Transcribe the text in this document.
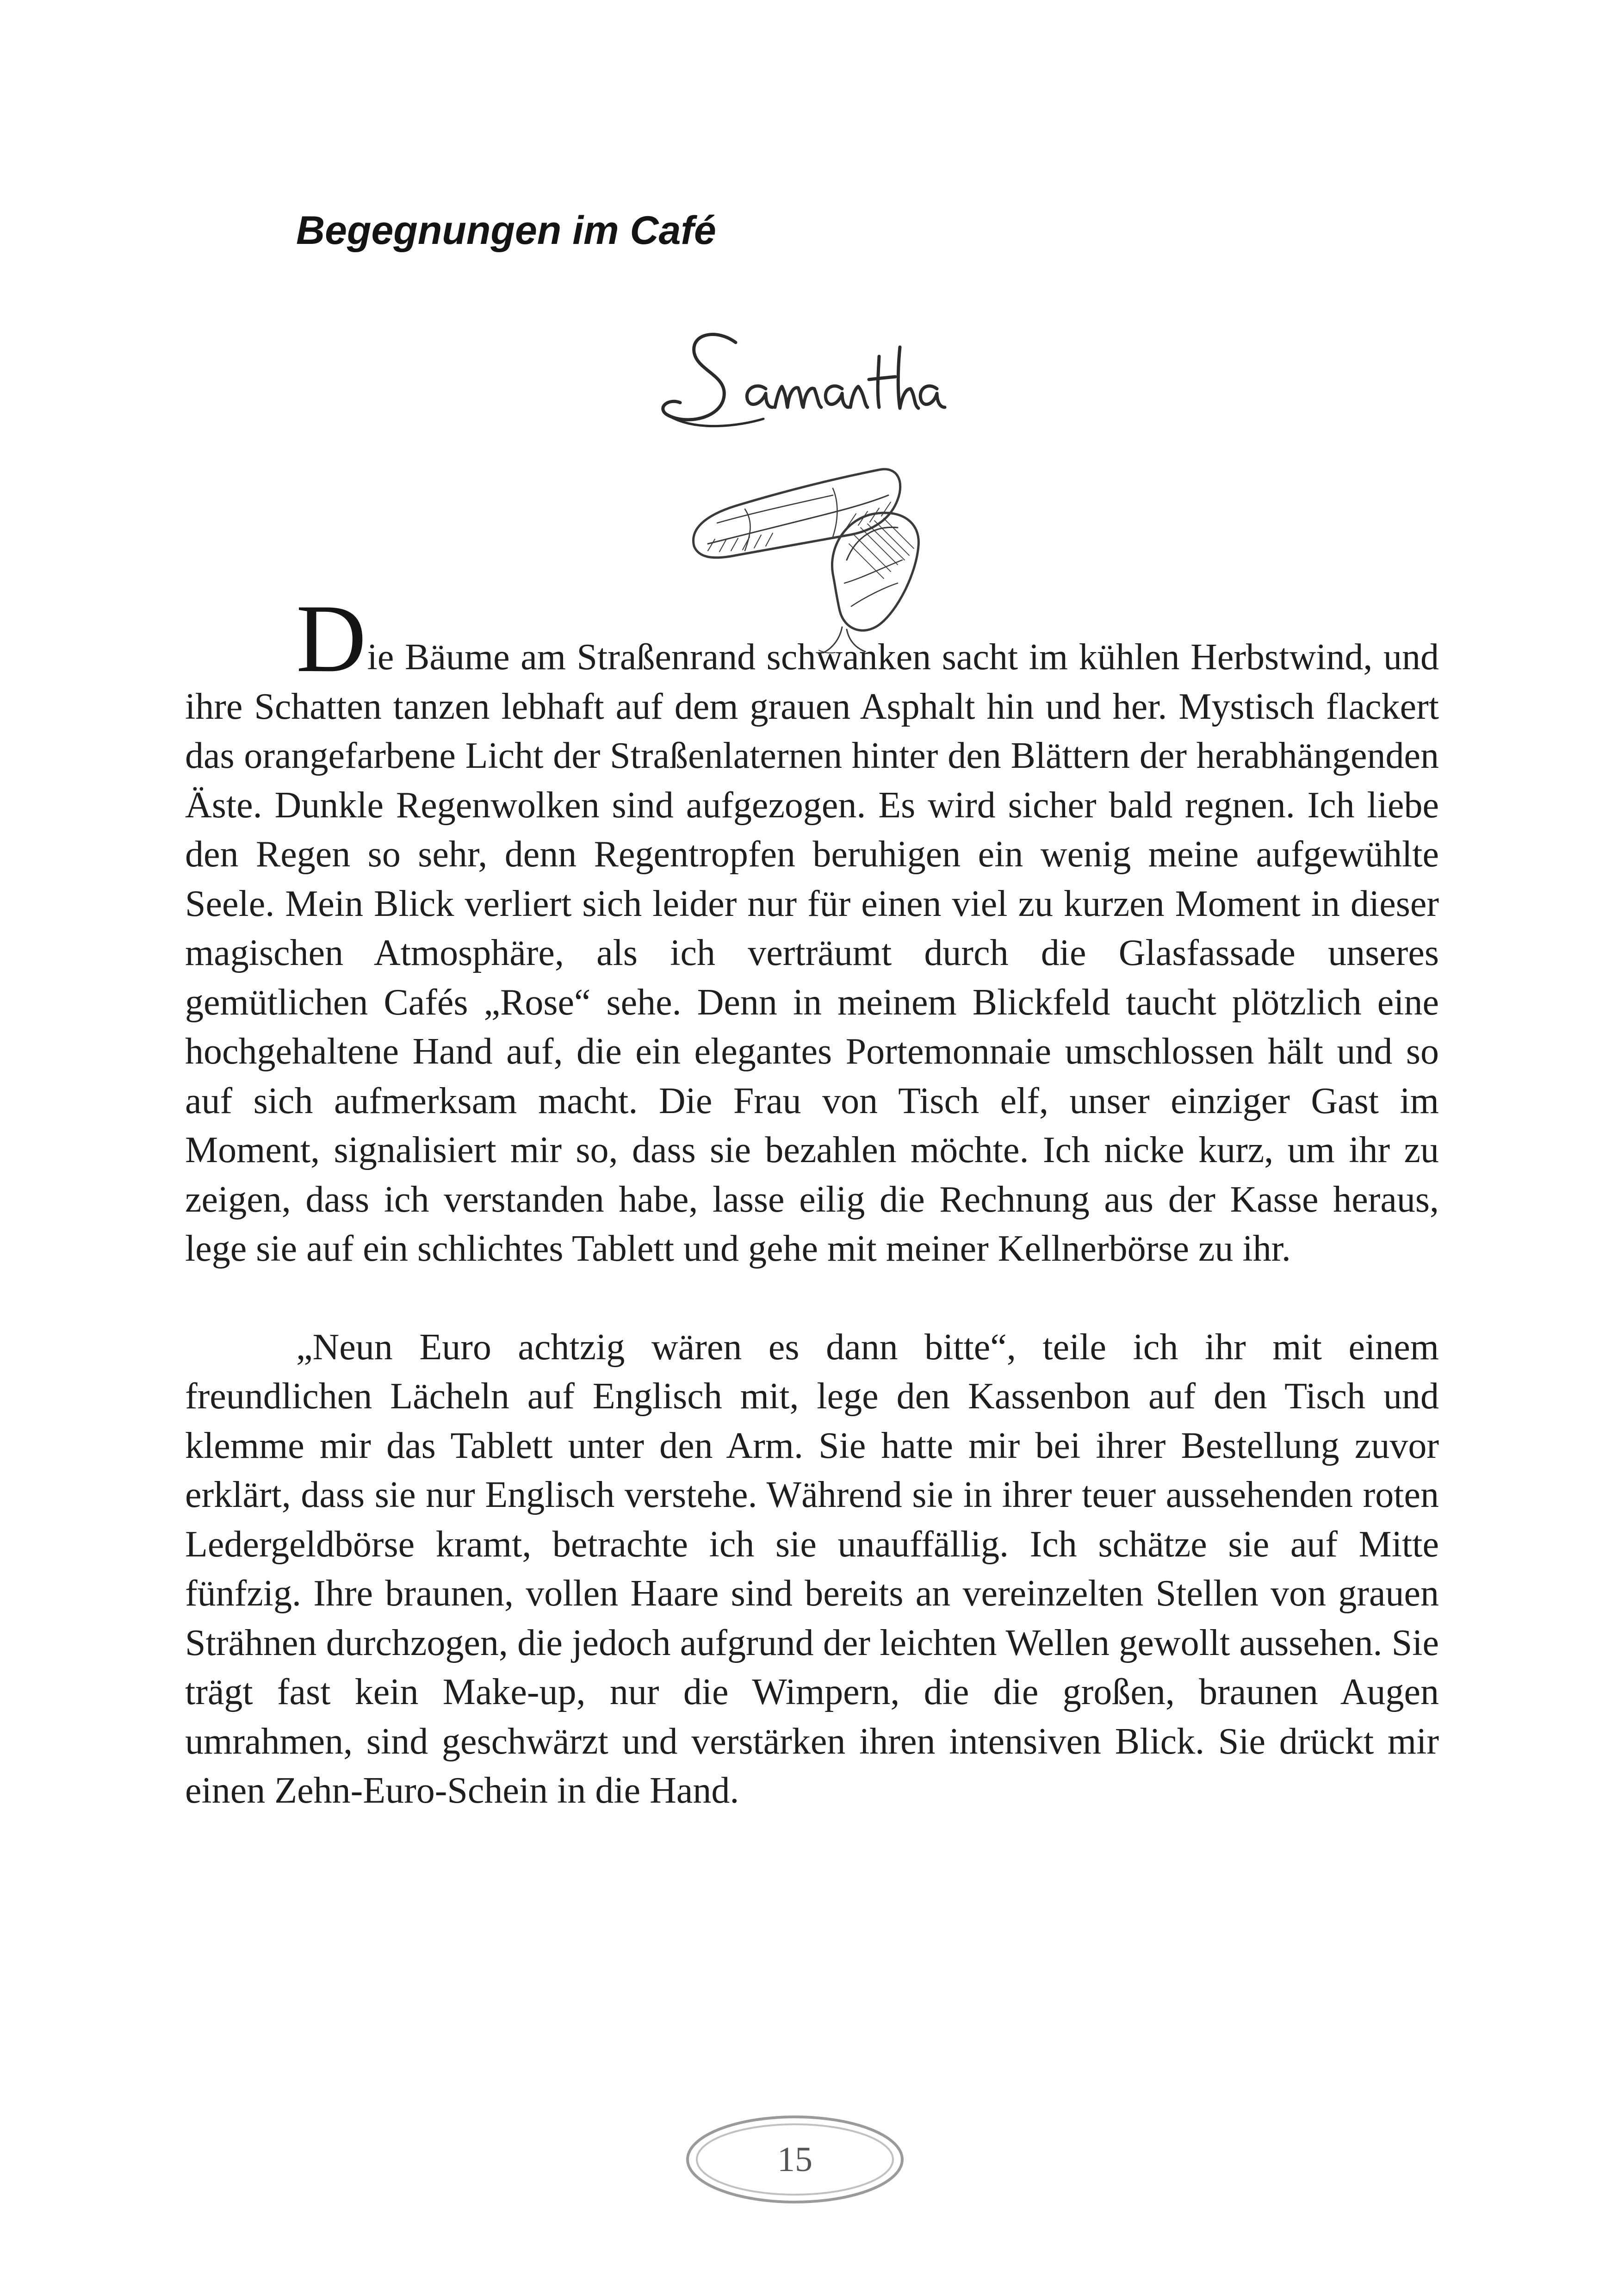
Begegnungen im Café

Die Bäume am Straßenrand schwanken sacht im kühlen Herbstwind, und ihre Schatten tanzen lebhaft auf dem grauen Asphalt hin und her. Mystisch flackert das orangefarbene Licht der Straßenlaternen hinter den Blättern der herabhängenden Äste. Dunkle Regenwolken sind aufgezogen. Es wird sicher bald regnen. Ich liebe den Regen so sehr, denn Regentropfen beruhigen ein wenig meine aufgewühlte Seele. Mein Blick verliert sich leider nur für einen viel zu kurzen Moment in dieser magischen Atmosphäre, als ich verträumt durch die Glasfassade unseres gemütlichen Cafés „Rose“ sehe. Denn in meinem Blickfeld taucht plötzlich eine hochgehaltene Hand auf, die ein elegantes Portemonnaie umschlossen hält und so auf sich aufmerksam macht. Die Frau von Tisch elf, unser einziger Gast im Moment, signalisiert mir so, dass sie bezahlen möchte. Ich nicke kurz, um ihr zu zeigen, dass ich verstanden habe, lasse eilig die Rechnung aus der Kasse heraus, lege sie auf ein schlichtes Tablett und gehe mit meiner Kellnerbörse zu ihr.

„Neun Euro achtzig wären es dann bitte“, teile ich ihr mit einem freundlichen Lächeln auf Englisch mit, lege den Kassenbon auf den Tisch und klemme mir das Tablett unter den Arm. Sie hatte mir bei ihrer Bestellung zuvor erklärt, dass sie nur Englisch verstehe. Während sie in ihrer teuer aussehenden roten Ledergeldbörse kramt, betrachte ich sie unauffällig. Ich schätze sie auf Mitte fünfzig. Ihre braunen, vollen Haare sind bereits an vereinzelten Stellen von grauen Strähnen durchzogen, die jedoch aufgrund der leichten Wellen gewollt aussehen. Sie trägt fast kein Make-up, nur die Wimpern, die die großen, braunen Augen umrahmen, sind geschwärzt und verstärken ihren intensiven Blick. Sie drückt mir einen Zehn-Euro-Schein in die Hand.

15
